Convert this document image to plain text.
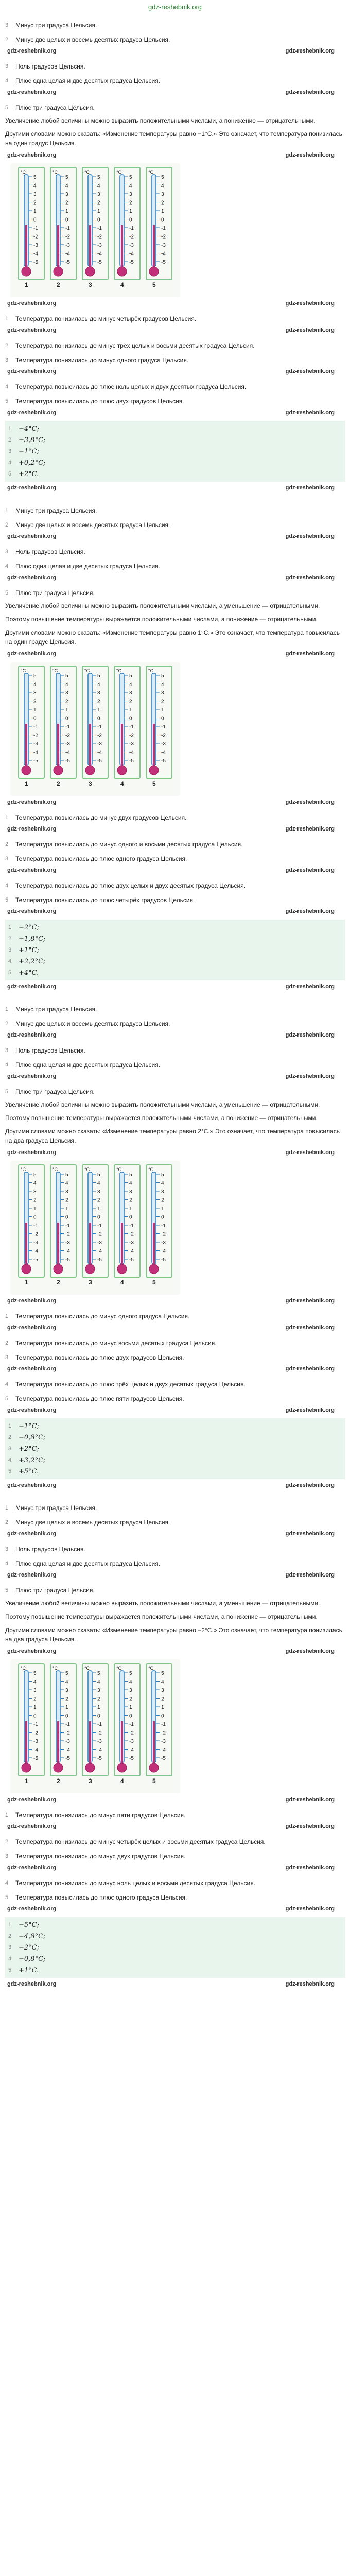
gdz-reshebnik.org
3	Минус три градуса Цельсия.
2	Минус две целых и восемь десятых градуса Цельсия.
gdz-reshebnik.org	gdz-reshebnik.org
3	Ноль градусов Цельсия.
4	Плюс одна целая и две десятых градуса Цельсия.
gdz-reshebnik.org	gdz-reshebnik.org
5	Плюс три градуса Цельсия.
Увеличение любой величины можно выразить положительными числами, а понижение — отрицательными.
Другими словами можно сказать: «Изменение температуры равно −1°C.» Это означает, что температура понизилась на один градус Цельсия.
gdz-reshebnik.org	gdz-reshebnik.org
5
4
3
2
1
0
-1
-2
-3
-4
-5
°C
1
5
4
3
2
1
0
-1
-2
-3
-4
-5
°C
2
5
4
3
2
1
0
-1
-2
-3
-4
-5
°C
3
5
4
3
2
1
0
-1
-2
-3
-4
-5
°C
4
5
4
3
2
1
0
-1
-2
-3
-4
-5
°C
5
gdz-reshebnik.org	gdz-reshebnik.org
1	Температура понизилась до минус четырёх градусов Цельсия.
gdz-reshebnik.org	gdz-reshebnik.org
2	Температура понизилась до минус трёх целых и восьми десятых градуса Цельсия.
3	Температура понизилась до минус одного градуса Цельсия.
gdz-reshebnik.org	gdz-reshebnik.org
4	Температура повысилась до плюс ноль целых и двух десятых градуса Цельсия.
5	Температура повысилась до плюс двух градусов Цельсия.
gdz-reshebnik.org	gdz-reshebnik.org
1	−4°C;
2	−3,8°C;
3	−1°C;
4	+0,2°C;
5	+2°C.
gdz-reshebnik.org	gdz-reshebnik.org
1	Минус три градуса Цельсия.
2	Минус две целых и восемь десятых градуса Цельсия.
gdz-reshebnik.org	gdz-reshebnik.org
3	Ноль градусов Цельсия.
4	Плюс одна целая и две десятых градуса Цельсия.
gdz-reshebnik.org	gdz-reshebnik.org
5	Плюс три градуса Цельсия.
Увеличение любой величины можно выразить положительными числами, а уменьшение — отрицательными.
Поэтому повышение температуры выражается положительными числами, а понижение — отрицательными.
Другими словами можно сказать: «Изменение температуры равно 1°C.» Это означает, что температура повысилась на один градус Цельсия.
gdz-reshebnik.org	gdz-reshebnik.org
5
4
3
2
1
0
-1
-2
-3
-4
-5
°C
1
5
4
3
2
1
0
-1
-2
-3
-4
-5
°C
2
5
4
3
2
1
0
-1
-2
-3
-4
-5
°C
3
5
4
3
2
1
0
-1
-2
-3
-4
-5
°C
4
5
4
3
2
1
0
-1
-2
-3
-4
-5
°C
5
gdz-reshebnik.org	gdz-reshebnik.org
1	Температура повысилась до минус двух градусов Цельсия.
gdz-reshebnik.org	gdz-reshebnik.org
2	Температура повысилась до минус одного и восьми десятых градуса Цельсия.
3	Температура повысилась до плюс одного градуса Цельсия.
gdz-reshebnik.org	gdz-reshebnik.org
4	Температура повысилась до плюс двух целых и двух десятых градуса Цельсия.
5	Температура повысилась до плюс четырёх градусов Цельсия.
gdz-reshebnik.org	gdz-reshebnik.org
1	−2°C;
2	−1,8°C;
3	+1°C;
4	+2,2°C;
5	+4°C.
gdz-reshebnik.org	gdz-reshebnik.org
1	Минус три градуса Цельсия.
2	Минус две целых и восемь десятых градуса Цельсия.
gdz-reshebnik.org	gdz-reshebnik.org
3	Ноль градусов Цельсия.
4	Плюс одна целая и две десятых градуса Цельсия.
gdz-reshebnik.org	gdz-reshebnik.org
5	Плюс три градуса Цельсия.
Увеличение любой величины можно выразить положительными числами, а уменьшение — отрицательными.
Поэтому повышение температуры выражается положительными числами, а понижение — отрицательными.
Другими словами можно сказать: «Изменение температуры равно 2°C.» Это означает, что температура повысилась на два градуса Цельсия.
gdz-reshebnik.org	gdz-reshebnik.org
5
4
3
2
1
0
-1
-2
-3
-4
-5
°C
1
5
4
3
2
1
0
-1
-2
-3
-4
-5
°C
2
5
4
3
2
1
0
-1
-2
-3
-4
-5
°C
3
5
4
3
2
1
0
-1
-2
-3
-4
-5
°C
4
5
4
3
2
1
0
-1
-2
-3
-4
-5
°C
5
gdz-reshebnik.org	gdz-reshebnik.org
1	Температура повысилась до минус одного градуса Цельсия.
gdz-reshebnik.org	gdz-reshebnik.org
2	Температура повысилась до минус восьми десятых градуса Цельсия.
3	Температура повысилась до плюс двух градусов Цельсия.
gdz-reshebnik.org	gdz-reshebnik.org
4	Температура повысилась до плюс трёх целых и двух десятых градуса Цельсия.
5	Температура повысилась до плюс пяти градусов Цельсия.
gdz-reshebnik.org	gdz-reshebnik.org
1	−1°C;
2	−0,8°C;
3	+2°C;
4	+3,2°C;
5	+5°C.
gdz-reshebnik.org	gdz-reshebnik.org
1	Минус три градуса Цельсия.
2	Минус две целых и восемь десятых градуса Цельсия.
gdz-reshebnik.org	gdz-reshebnik.org
3	Ноль градусов Цельсия.
4	Плюс одна целая и две десятых градуса Цельсия.
gdz-reshebnik.org	gdz-reshebnik.org
5	Плюс три градуса Цельсия.
Увеличение любой величины можно выразить положительными числами, а уменьшение — отрицательными.
Поэтому повышение температуры выражается положительными числами, а понижение — отрицательными.
Другими словами можно сказать: «Изменение температуры равно −2°C.» Это означает, что температура понизилась на два градуса Цельсия.
gdz-reshebnik.org	gdz-reshebnik.org
5
4
3
2
1
0
-1
-2
-3
-4
-5
°C
1
5
4
3
2
1
0
-1
-2
-3
-4
-5
°C
2
5
4
3
2
1
0
-1
-2
-3
-4
-5
°C
3
5
4
3
2
1
0
-1
-2
-3
-4
-5
°C
4
5
4
3
2
1
0
-1
-2
-3
-4
-5
°C
5
gdz-reshebnik.org	gdz-reshebnik.org
1	Температура понизилась до минус пяти градусов Цельсия.
gdz-reshebnik.org	gdz-reshebnik.org
2	Температура понизилась до минус четырёх целых и восьми десятых градуса Цельсия.
3	Температура понизилась до минус двух градусов Цельсия.
gdz-reshebnik.org	gdz-reshebnik.org
4	Температура понизилась до минус ноль целых и восьми десятых градуса Цельсия.
5	Температура повысилась до плюс одного градуса Цельсия.
gdz-reshebnik.org	gdz-reshebnik.org
1	−5°C;
2	−4,8°C;
3	−2°C;
4	−0,8°C;
5	+1°C.
gdz-reshebnik.org	gdz-reshebnik.org
